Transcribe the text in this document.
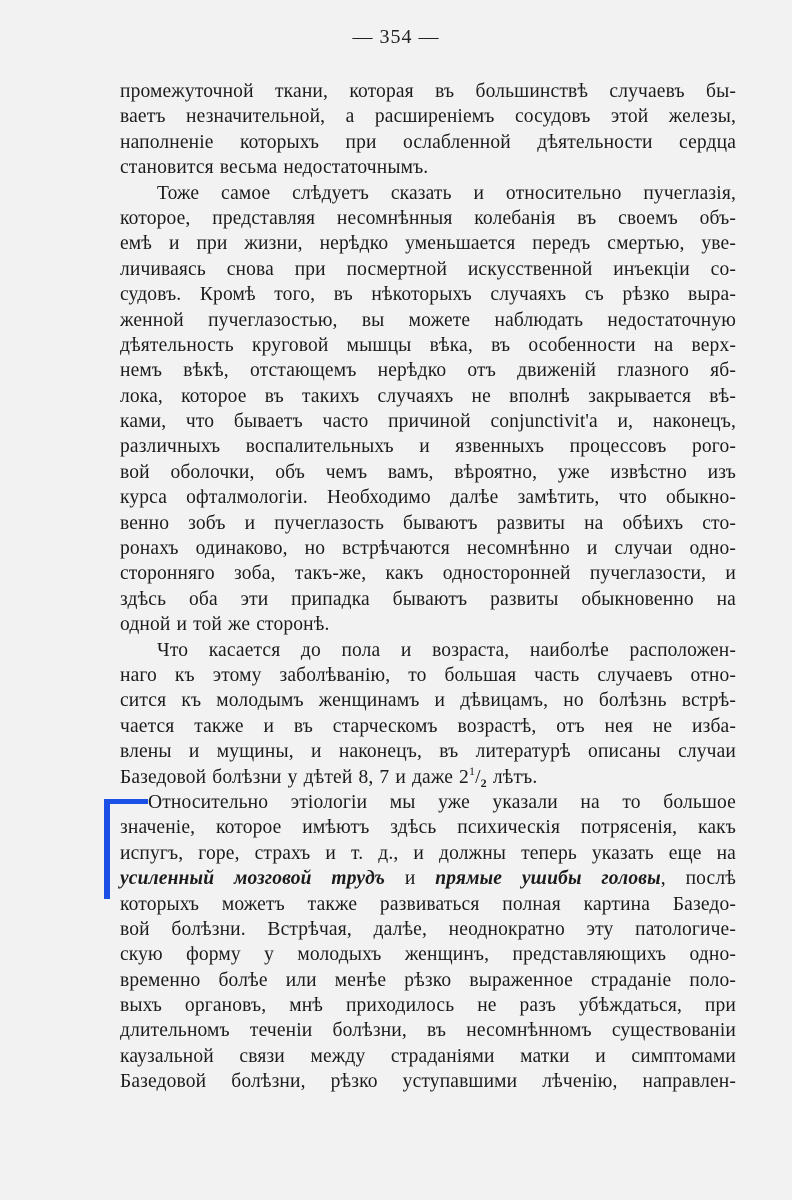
— 354 —
промежуточной ткани, которая въ большинствѣ случаевъ бы-
ваетъ незначительной, а расширеніемъ сосудовъ этой железы,
наполненіе которыхъ при ослабленной дѣятельности сердца
становится весьма недостаточнымъ.
Тоже самое слѣдуетъ сказать и относительно пучеглазія,
которое, представляя несомнѣнныя колебанія въ своемъ объ-
емѣ и при жизни, нерѣдко уменьшается передъ смертью, уве-
личиваясь снова при посмертной искусственной инъекціи со-
судовъ. Кромѣ того, въ нѣкоторыхъ случаяхъ съ рѣзко выра-
женной пучеглазостью, вы можете наблюдать недостаточную
дѣятельность круговой мышцы вѣка, въ особенности на верх-
немъ вѣкѣ, отстающемъ нерѣдко отъ движеній глазного яб-
лока, которое въ такихъ случаяхъ не вполнѣ закрывается вѣ-
ками, что бываетъ часто причиной conjunctivit'a и, наконецъ,
различныхъ воспалительныхъ и язвенныхъ процессовъ рого-
вой оболочки, объ чемъ вамъ, вѣроятно, уже извѣстно изъ
курса офталмологіи. Необходимо далѣе замѣтить, что обыкно-
венно зобъ и пучеглазость бываютъ развиты на обѣихъ сто-
ронахъ одинаково, но встрѣчаются несомнѣнно и случаи одно-
сторонняго зоба, такъ-же, какъ односторонней пучеглазости, и
здѣсь оба эти припадка бываютъ развиты обыкновенно на
одной и той же сторонѣ.
Что касается до пола и возраста, наиболѣе расположен-
наго къ этому заболѣванію, то большая часть случаевъ отно-
сится къ молодымъ женщинамъ и дѣвицамъ, но болѣзнь встрѣ-
чается также и въ старческомъ возрастѣ, отъ нея не изба-
влены и мущины, и наконецъ, въ литературѣ описаны случаи
Базедовой болѣзни у дѣтей 8, 7 и даже $2^1/_2$ лѣтъ.
Относительно этіологіи мы уже указали на то большое
значеніе, которое имѣютъ здѣсь психическія потрясенія, какъ
испугъ, горе, страхъ и т. д., и должны теперь указать еще на
усиленный мозговой трудъ и прямые ушибы головы, послѣ
которыхъ можетъ также развиваться полная картина Базедо-
вой болѣзни. Встрѣчая, далѣе, неоднократно эту патологиче-
скую форму у молодыхъ женщинъ, представляющихъ одно-
временно болѣе или менѣе рѣзко выраженное страданіе поло-
выхъ органовъ, мнѣ приходилось не разъ убѣждаться, при
длительномъ теченіи болѣзни, въ несомнѣнномъ существованіи
каузальной связи между страданіями матки и симптомами
Базедовой болѣзни, рѣзко уступавшими лѣченію, направлен-
